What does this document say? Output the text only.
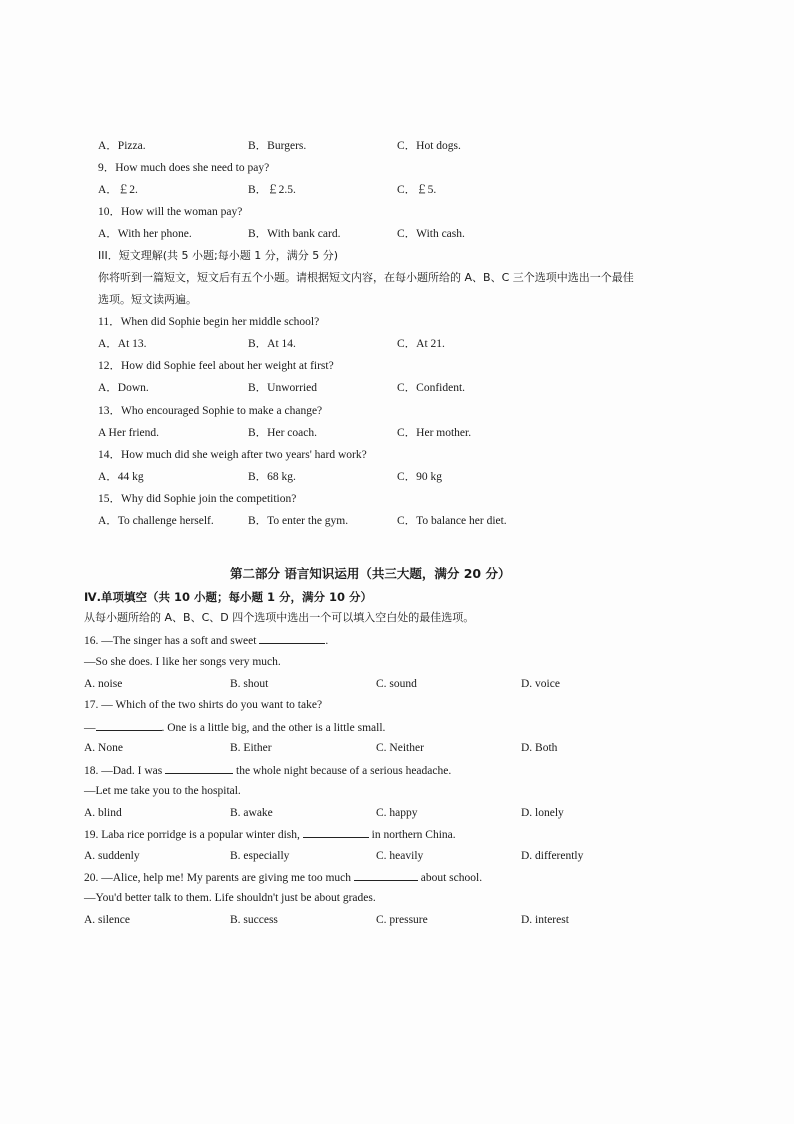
A．Pizza.	B．Burgers.	C．Hot dogs.
9．How much does she need to pay?
A．￡2.	B．￡2.5.	C．￡5.
10．How will the woman pay?
A．With her phone.	B．With bank card.	C．With cash.
III．短文理解(共 5 小题;每小题 1 分，满分 5 分)
你将听到一篇短文，短文后有五个小题。请根据短文内容，在每小题所给的 A、B、C 三个选项中选出一个最佳
选项。短文读两遍。
11．When did Sophie begin her middle school?
A．At 13.	B．At 14.	C．At 21.
12．How did Sophie feel about her weight at first?
A．Down.	B．Unworried	C．Confident.
13．Who encouraged Sophie to make a change?
A Her friend.	B．Her coach.	C．Her mother.
14．How much did she weigh after two years' hard work?
A．44 kg	B．68 kg.	C．90 kg
15．Why did Sophie join the competition?
A．To challenge herself.	B．To enter the gym.	C．To balance her diet.
第二部分 语言知识运用（共三大题，满分 20 分）
Ⅳ.单项填空（共 10 小题；每小题 1 分，满分 10 分）
从每小题所给的 A、B、C、D 四个选项中选出一个可以填入空白处的最佳选项。
16. —The singer has a soft and sweet	.
—So she does. I like her songs very much.
A. noise	B. shout	C. sound	D. voice
17. — Which of the two shirts do you want to take?
—	. One is a little big, and the other is a little small.
A. None	B. Either	C. Neither	D. Both
18. —Dad. I was	the whole night because of a serious headache.
—Let me take you to the hospital.
A. blind	B. awake	C. happy	D. lonely
19. Laba rice porridge is a popular winter dish,	in northern China.
A. suddenly	B. especially	C. heavily	D. differently
20. —Alice, help me! My parents are giving me too much	about school.
—You'd better talk to them. Life shouldn't just be about grades.
A. silence	B. success	C. pressure	D. interest
